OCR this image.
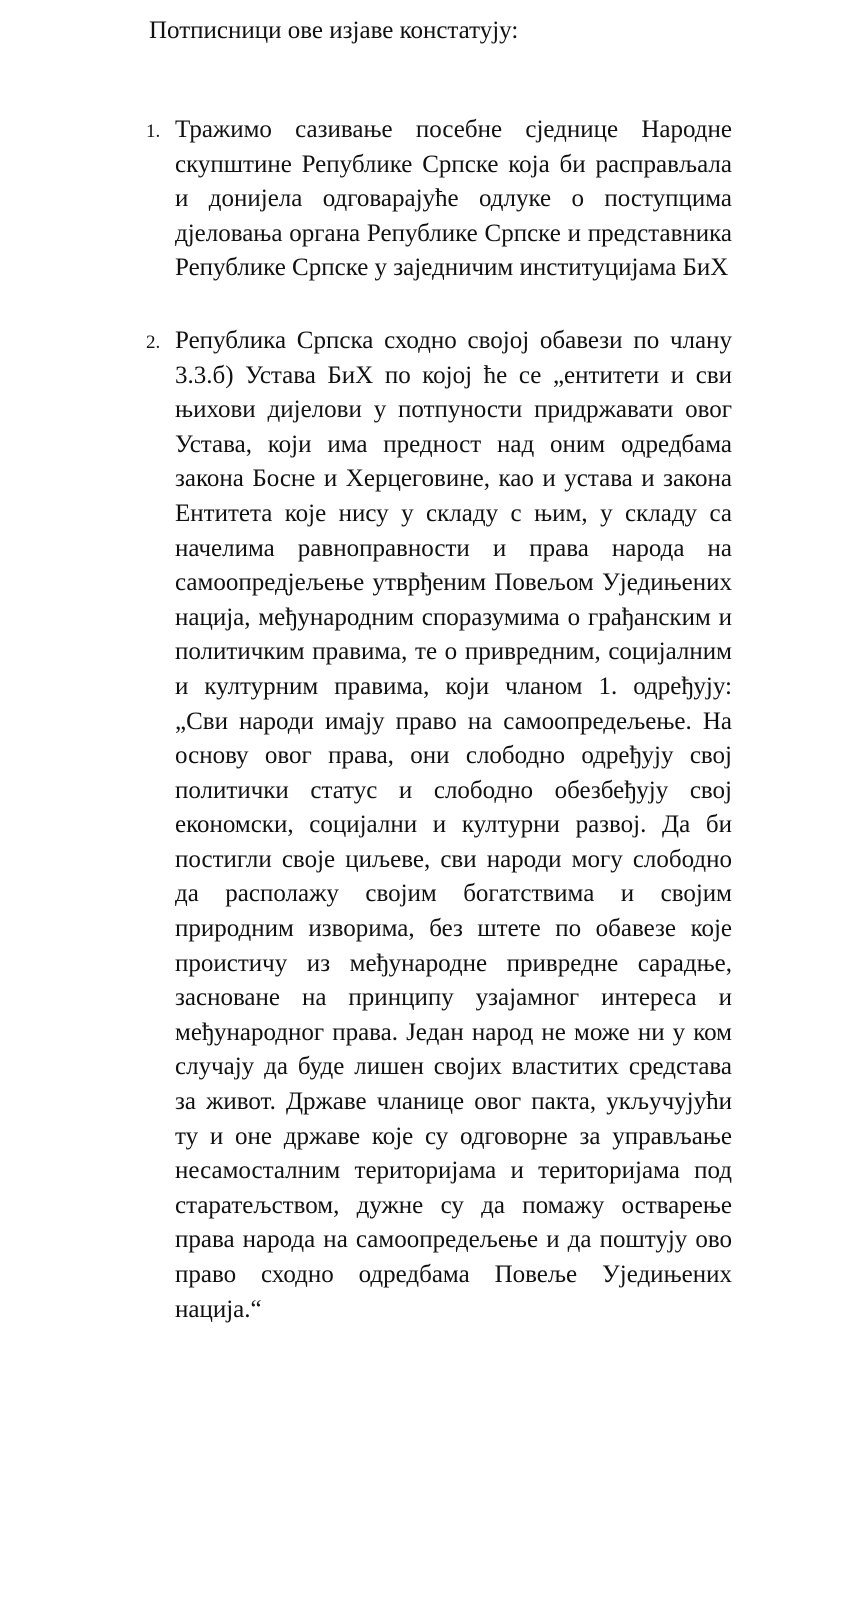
Потписници ове изјаве констатују:
1. Тражимо сазивање посебне сједнице Народне скупштине Републике Српске која би расправљала и донијела одговарајуће одлуке о поступцима дјеловања органа Републике Српске и представника Републике Српске у заједничим институцијама БиХ
2. Република Српска сходно својој обавези по члану 3.3.б) Устава БиХ по којој ће се „ентитети и сви њихови дијелови у потпуности придржавати овог Устава, који има предност над оним одредбама закона Босне и Херцеговине, као и устава и закона Ентитета које нису у складу с њим, у складу са начелима равноправности и права народа на самоопредјељење утврђеним Повељом Уједињених нација, међународним споразумима о грађанским и политичким правима, те о привредним, социјалним и културним правима, који чланом 1. одређују: „Сви народи имају право на самоопредељење. На основу овог права, они слободно одређују свој политички статус и слободно обезбеђују свој економски, социјални и културни развој. Да би постигли своје циљеве, сви народи могу слободно да располажу својим богатствима и својим природним изворима, без штете по обавезе које проистичу из међународне привредне сарадње, засноване на принципу узајамног интереса и међународног права. Један народ не може ни у ком случају да буде лишен својих властитих средстава за живот. Државе чланице овог пакта, укључујући ту и оне државе које су одговорне за управљање несамосталним територијама и територијама под старатељством, дужне су да помажу остварење права народа на самоопредељење и да поштују ово право сходно одредбама Повеље Уједињених нација.“
